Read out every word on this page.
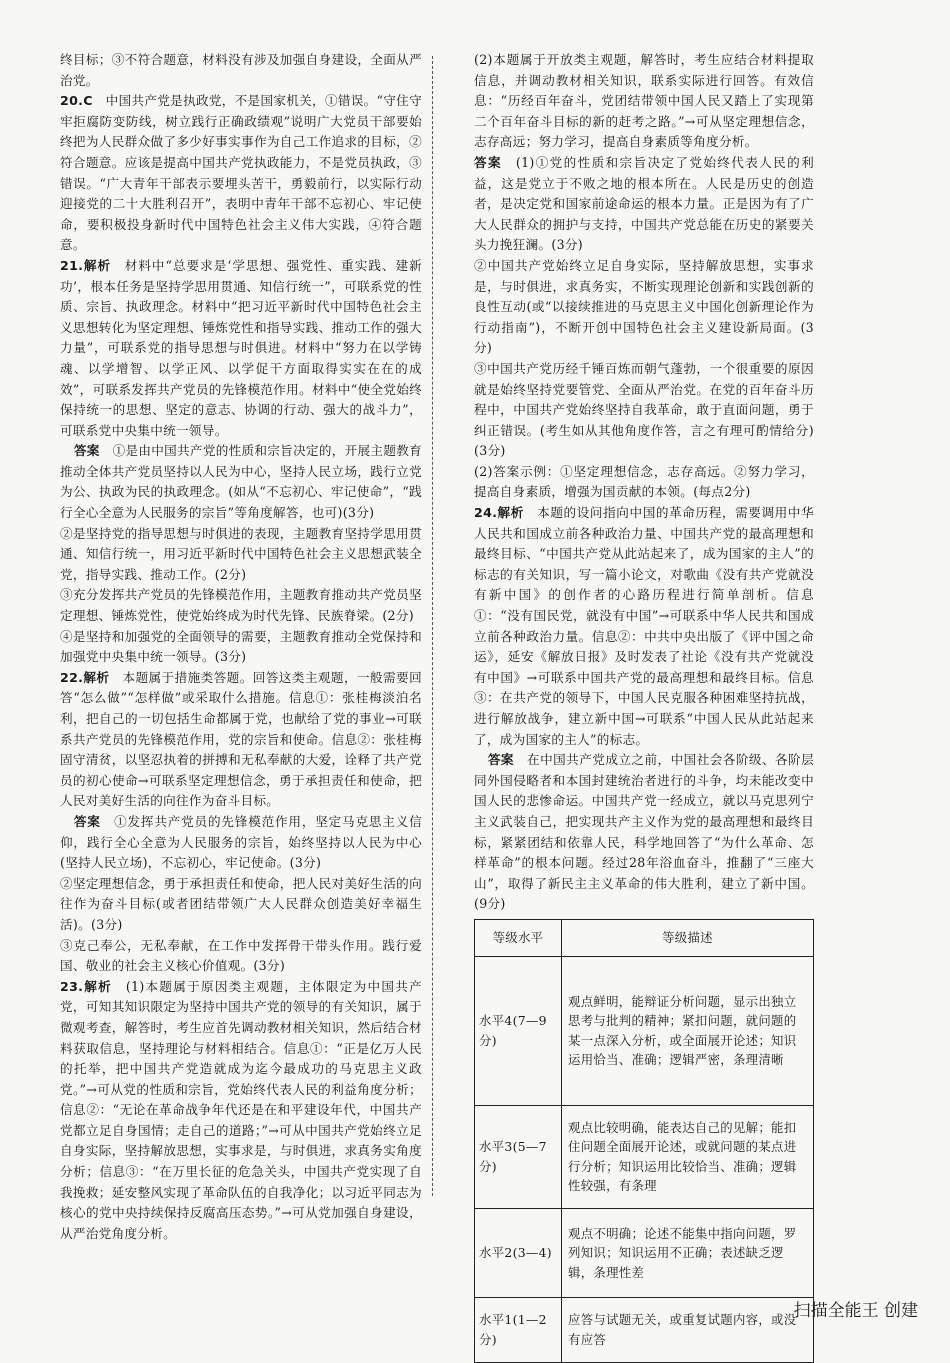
终目标；③不符合题意，材料没有涉及加强自身建设，全面从严治党。

20.C　 中国共产党是执政党，不是国家机关，①错误。“守住守牢拒腐防变防线，树立践行正确政绩观”说明广大党员干部要始终把为人民群众做了多少好事实事作为自己工作追求的目标，②符合题意。应该是提高中国共产党执政能力，不是党员执政，③错误。“广大青年干部表示要埋头苦干，勇毅前行，以实际行动迎接党的二十大胜利召开”，表明中青年干部不忘初心、牢记使命，要积极投身新时代中国特色社会主义伟大实践，④符合题意。

21.解析　 材料中“总要求是‘学思想、强党性、重实践、建新功’，根本任务是坚持学思用贯通、知信行统一”，可联系党的性质、宗旨、执政理念。材料中“把习近平新时代中国特色社会主义思想转化为坚定理想、锤炼党性和指导实践、推动工作的强大力量”，可联系党的指导思想与时俱进。材料中“努力在以学铸魂、以学增智、以学正风、以学促干方面取得实实在在的成效”，可联系发挥共产党员的先锋模范作用。材料中“使全党始终保持统一的思想、坚定的意志、协调的行动、强大的战斗力”，可联系党中央集中统一领导。

答案　 ①是由中国共产党的性质和宗旨决定的，开展主题教育推动全体共产党员坚持以人民为中心，坚持人民立场，践行立党为公、执政为民的执政理念。(如从“不忘初心、牢记使命”，“践行全心全意为人民服务的宗旨”等角度解答，也可)(3分)

②是坚持党的指导思想与时俱进的表现，主题教育坚持学思用贯通、知信行统一，用习近平新时代中国特色社会主义思想武装全党，指导实践、推动工作。(2分)

③充分发挥共产党员的先锋模范作用，主题教育推动共产党员坚定理想、锤炼党性，使党始终成为时代先锋、民族脊梁。(2分)

④是坚持和加强党的全面领导的需要，主题教育推动全党保持和加强党中央集中统一领导。(3分)

22.解析　 本题属于措施类答题。回答这类主观题，一般需要回答“怎么做”“怎样做”或采取什么措施。信息①：张桂梅淡泊名利，把自己的一切包括生命都属于党，也献给了党的事业→可联系共产党员的先锋模范作用，党的宗旨和使命。信息②：张桂梅固守清贫，以坚忍执着的拼搏和无私奉献的大爱，诠释了共产党员的初心使命→可联系坚定理想信念，勇于承担责任和使命，把人民对美好生活的向往作为奋斗目标。

答案　 ①发挥共产党员的先锋模范作用，坚定马克思主义信仰，践行全心全意为人民服务的宗旨，始终坚持以人民为中心(坚持人民立场)，不忘初心，牢记使命。(3分)

②坚定理想信念，勇于承担责任和使命，把人民对美好生活的向往作为奋斗目标(或者团结带领广大人民群众创造美好幸福生活)。(3分)

③克己奉公，无私奉献，在工作中发挥骨干带头作用。践行爱国、敬业的社会主义核心价值观。(3分)

23.解析　 (1)本题属于原因类主观题，主体限定为中国共产党，可知其知识限定为坚持中国共产党的领导的有关知识，属于微观考查，解答时，考生应首先调动教材相关知识，然后结合材料获取信息，坚持理论与材料相结合。信息①：“正是亿万人民的托举，把中国共产党造就成为迄今最成功的马克思主义政党。”→可从党的性质和宗旨，党始终代表人民的利益角度分析；信息②：“无论在革命战争年代还是在和平建设年代，中国共产党都立足自身国情；走自己的道路；”→可从中国共产党始终立足自身实际，坚持解放思想，实事求是，与时俱进，求真务实角度分析；信息③：“在万里长征的危急关头，中国共产党实现了自我挽救；延安整风实现了革命队伍的自我净化；以习近平同志为核心的党中央持续保持反腐高压态势。”→可从党加强自身建设，从严治党角度分析。

(2)本题属于开放类主观题，解答时，考生应结合材料提取信息，并调动教材相关知识，联系实际进行回答。有效信息：“历经百年奋斗，党团结带领中国人民又踏上了实现第二个百年奋斗目标的新的赶考之路。”→可从坚定理想信念，志存高远；努力学习，提高自身素质等角度分析。

答案　 (1)①党的性质和宗旨决定了党始终代表人民的利益，这是党立于不败之地的根本所在。人民是历史的创造者，是决定党和国家前途命运的根本力量。正是因为有了广大人民群众的拥护与支持，中国共产党总能在历史的紧要关头力挽狂澜。(3分)

②中国共产党始终立足自身实际，坚持解放思想，实事求是，与时俱进，求真务实，不断实现理论创新和实践创新的良性互动(或“以接续推进的马克思主义中国化创新理论作为行动指南”)，不断开创中国特色社会主义建设新局面。(3分)

③中国共产党历经千锤百炼而朝气蓬勃，一个很重要的原因就是始终坚持党要管党、全面从严治党。在党的百年奋斗历程中，中国共产党始终坚持自我革命，敢于直面问题，勇于纠正错误。(考生如从其他角度作答，言之有理可酌情给分)(3分)

(2)答案示例：①坚定理想信念，志存高远。②努力学习，提高自身素质，增强为国贡献的本领。(每点2分)

24.解析　 本题的设问指向中国的革命历程，需要调用中华人民共和国成立前各种政治力量、中国共产党的最高理想和最终目标、“中国共产党从此站起来了，成为国家的主人”的标志的有关知识，写一篇小论文，对歌曲《没有共产党就没有新中国》的创作者的心路历程进行简单剖析。信息①：“没有国民党，就没有中国”→可联系中华人民共和国成立前各种政治力量。信息②：中共中央出版了《评中国之命运》，延安《解放日报》及时发表了社论《没有共产党就没有中国》→可联系中国共产党的最高理想和最终目标。信息③：在共产党的领导下，中国人民克服各种困难坚持抗战，进行解放战争，建立新中国→可联系“中国人民从此站起来了，成为国家的主人”的标志。

答案　 在中国共产党成立之前，中国社会各阶级、各阶层同外国侵略者和本国封建统治者进行的斗争，均未能改变中国人民的悲惨命运。中国共产党一经成立，就以马克思列宁主义武装自己，把实现共产主义作为党的最高理想和最终目标，紧紧团结和依靠人民，科学地回答了“为什么革命、怎样革命”的根本问题。经过28年浴血奋斗，推翻了“三座大山”，取得了新民主主义革命的伟大胜利，建立了新中国。(9分)

等级水平	等级描述
水平4(7—9分)	观点鲜明，能辩证分析问题，显示出独立思考与批判的精神；紧扣问题，就问题的某一点深入分析，或全面展开论述；知识运用恰当、准确；逻辑严密，条理清晰
水平3(5—7分)	观点比较明确，能表达自己的见解；能扣住问题全面展开论述，或就问题的某点进行分析；知识运用比较恰当、准确；逻辑性较强，有条理
水平2(3—4)	观点不明确；论述不能集中指向问题，罗列知识；知识运用不正确；表述缺乏逻辑，条理性差
水平1(1—2分)	应答与试题无关，或重复试题内容，或没有应答
扫描全能王 创建
